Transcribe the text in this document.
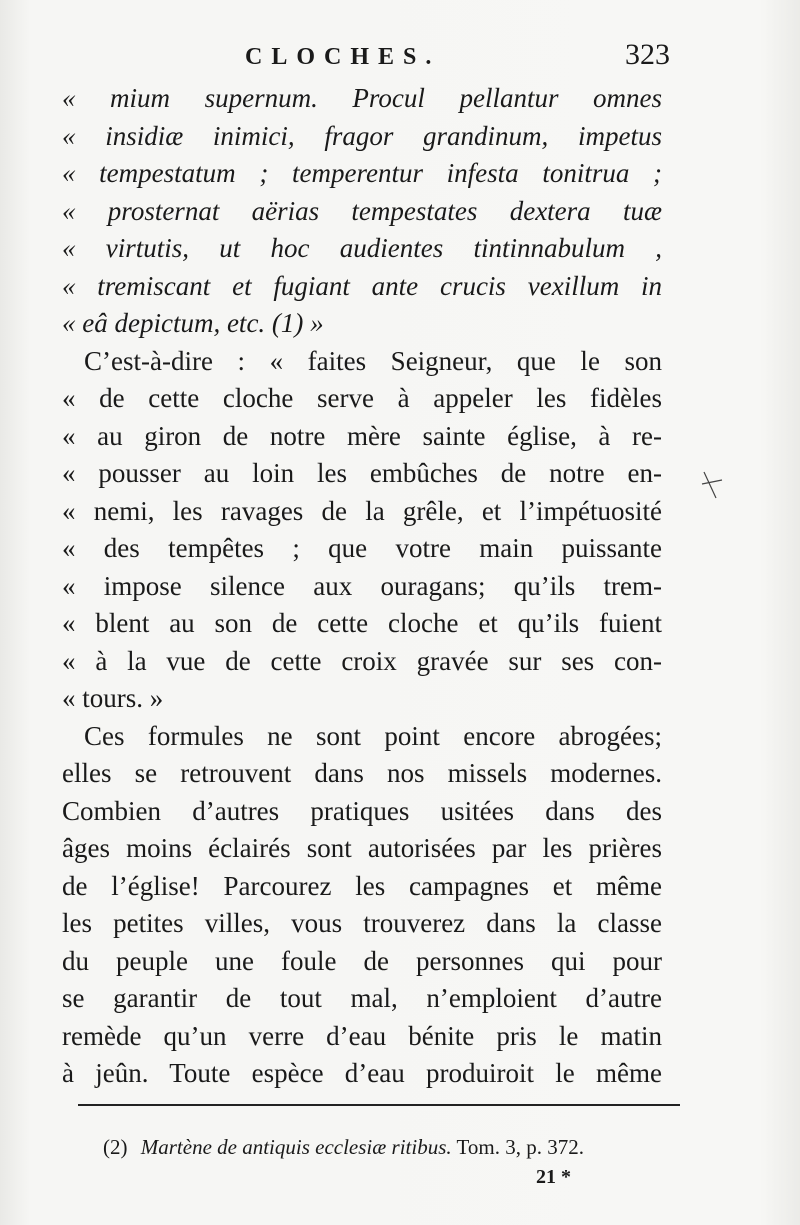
CLOCHES.	323
« mium supernum. Procul pellantur omnes
« insidiæ inimici, fragor grandinum, impetus
« tempestatum ; temperentur infesta tonitrua ;
« prosternat aërias tempestates dextera tuæ
« virtutis, ut hoc audientes tintinnabulum ,
« tremiscant et fugiant ante crucis vexillum in
« eâ depictum, etc. (1) »
C’est-à-dire : « faites Seigneur, que le son
« de cette cloche serve à appeler les fidèles
« au giron de notre mère sainte église, à re-
« pousser au loin les embûches de notre en-
« nemi, les ravages de la grêle, et l’impétuosité
« des tempêtes ; que votre main puissante
« impose silence aux ouragans; qu’ils trem-
« blent au son de cette cloche et qu’ils fuient
« à la vue de cette croix gravée sur ses con-
« tours. »
Ces formules ne sont point encore abrogées;
elles se retrouvent dans nos missels modernes.
Combien d’autres pratiques usitées dans des
âges moins éclairés sont autorisées par les prières
de l’église! Parcourez les campagnes et même
les petites villes, vous trouverez dans la classe
du peuple une foule de personnes qui pour
se garantir de tout mal, n’emploient d’autre
remède qu’un verre d’eau bénite pris le matin
à jeûn. Toute espèce d’eau produiroit le même
(2) Martène de antiquis ecclesiæ ritibus. Tom. 3, p. 372.
21 *
